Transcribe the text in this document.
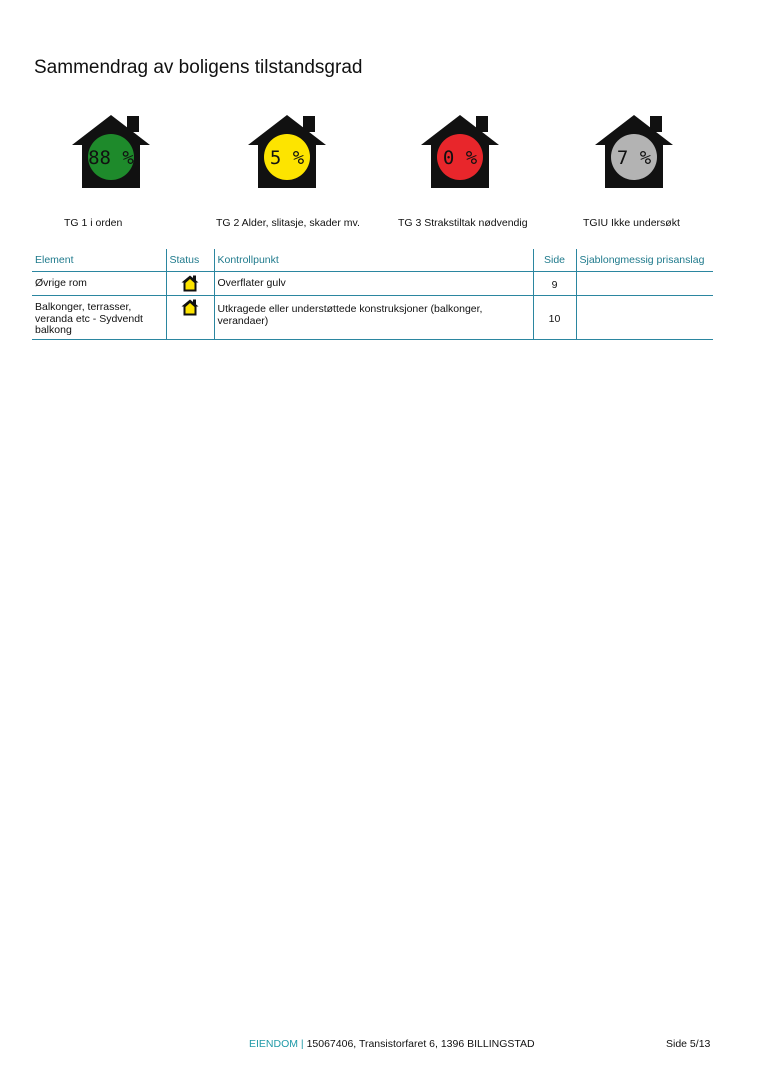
Sammendrag av boligens tilstandsgrad
88 %	5 %	0 %	7 %
TG 1 i orden	TG 2 Alder, slitasje, skader mv.	TG 3 Strakstiltak nødvendig	TGIU Ikke undersøkt
Element	Status	Kontrollpunkt	Side	Sjablongmessig prisanslag
Øvrige rom		Overflater gulv	9	
Balkonger, terrasser, veranda etc - Sydvendt balkong		Utkragede eller understøttede konstruksjoner (balkonger, verandaer)	10	
EIENDOM | 15067406, Transistorfaret 6, 1396 BILLINGSTAD	Side 5/13
